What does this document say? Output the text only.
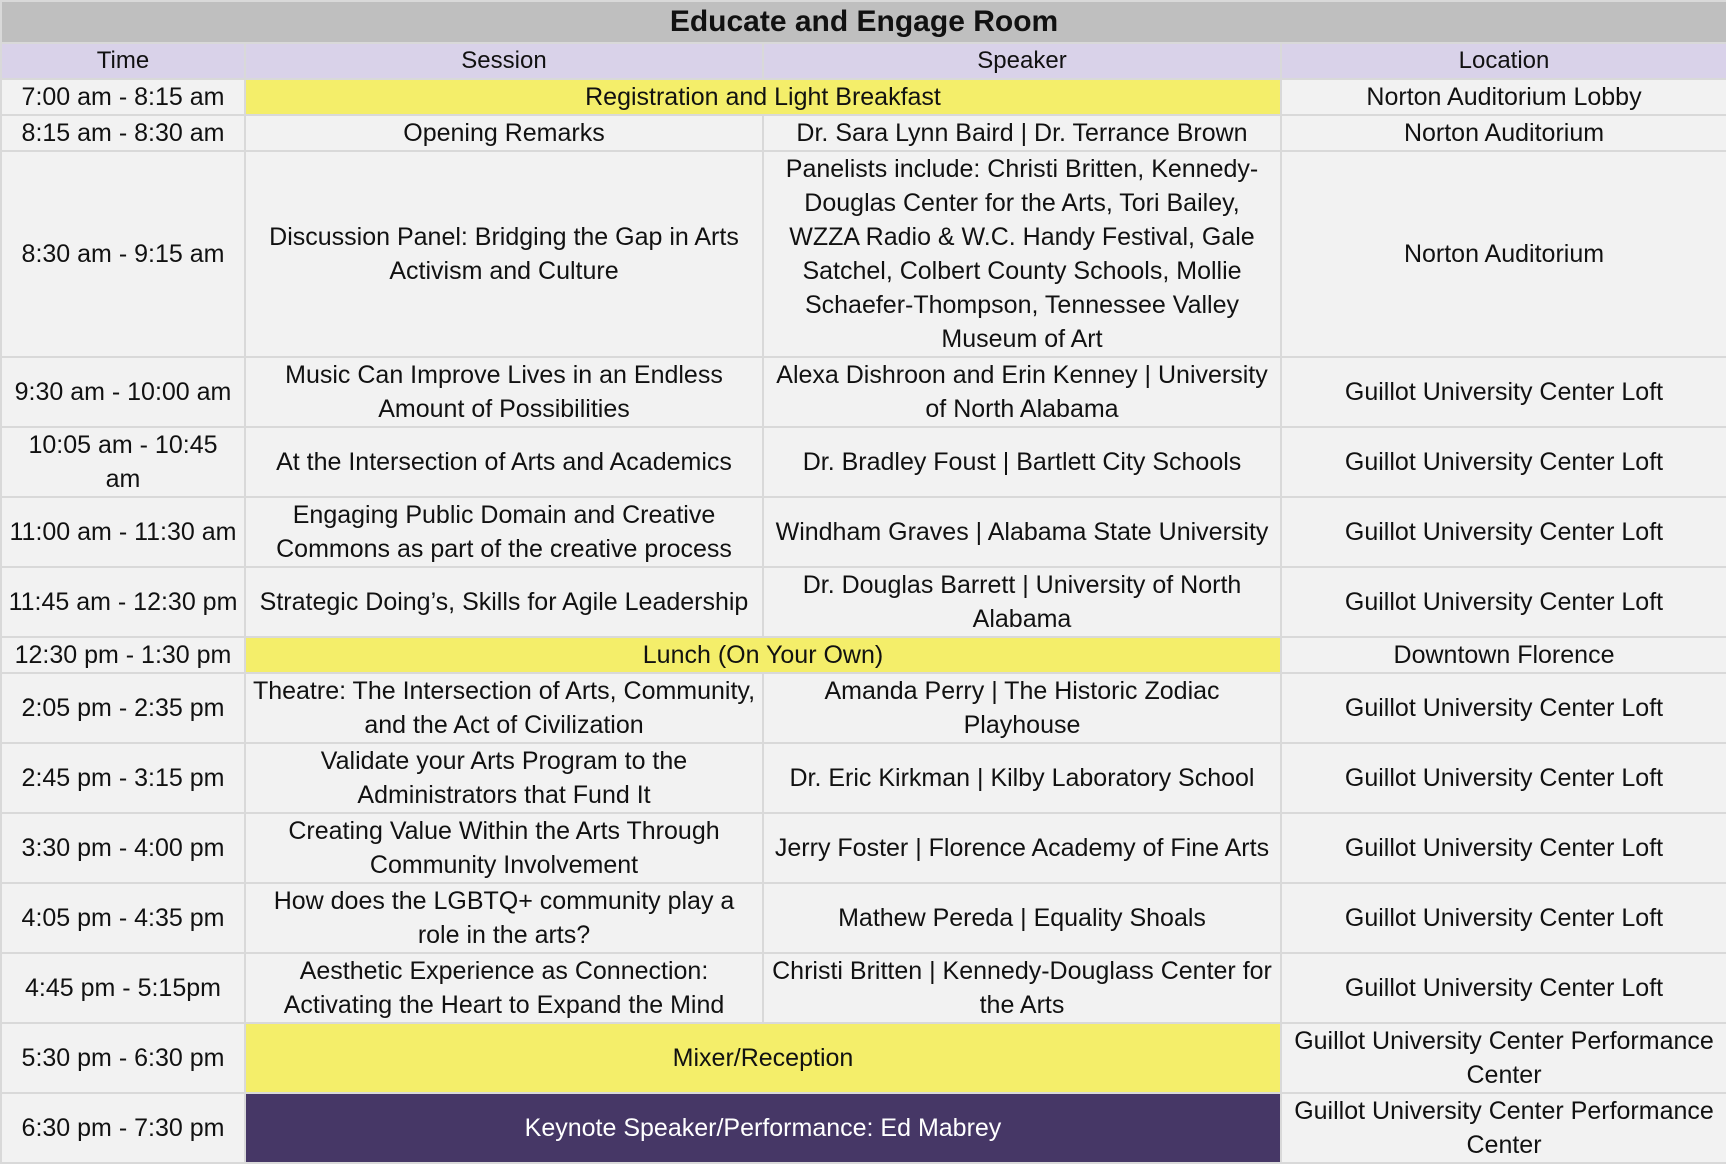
Educate and Engage Room			
Time	Session	Speaker	Location
7:00 am - 8:15 am	Registration and Light Breakfast		Norton Auditorium Lobby
8:15 am - 8:30 am	Opening Remarks	Dr. Sara Lynn Baird | Dr. Terrance Brown	Norton Auditorium
8:30 am - 9:15 am	Discussion Panel: Bridging the Gap in Arts Activism and Culture	Panelists include: Christi Britten, Kennedy-Douglas Center for the Arts, Tori Bailey, WZZA Radio & W.C. Handy Festival, Gale Satchel, Colbert County Schools, Mollie Schaefer-Thompson, Tennessee Valley Museum of Art	Norton Auditorium
9:30 am - 10:00 am	Music Can Improve Lives in an Endless Amount of Possibilities	Alexa Dishroon and Erin Kenney | University of North Alabama	Guillot University Center Loft
10:05 am - 10:45 am	At the Intersection of Arts and Academics	Dr. Bradley Foust | Bartlett City Schools	Guillot University Center Loft
11:00 am - 11:30 am	Engaging Public Domain and Creative Commons as part of the creative process	Windham Graves | Alabama State University	Guillot University Center Loft
11:45 am - 12:30 pm	Strategic Doing’s, Skills for Agile Leadership	Dr. Douglas Barrett | University of North Alabama	Guillot University Center Loft
12:30 pm - 1:30 pm	Lunch (On Your Own)		Downtown Florence
2:05 pm - 2:35 pm	Theatre: The Intersection of Arts, Community, and the Act of Civilization	Amanda Perry | The Historic Zodiac Playhouse	Guillot University Center Loft
2:45 pm - 3:15 pm	Validate your Arts Program to the Administrators that Fund It	Dr. Eric Kirkman | Kilby Laboratory School	Guillot University Center Loft
3:30 pm - 4:00 pm	Creating Value Within the Arts Through Community Involvement	Jerry Foster | Florence Academy of Fine Arts	Guillot University Center Loft
4:05 pm - 4:35 pm	How does the LGBTQ+ community play a role in the arts?	Mathew Pereda | Equality Shoals	Guillot University Center Loft
4:45 pm - 5:15pm	Aesthetic Experience as Connection: Activating the Heart to Expand the Mind	Christi Britten | Kennedy-Douglass Center for the Arts	Guillot University Center Loft
5:30 pm - 6:30 pm	Mixer/Reception		Guillot University Center Performance Center
6:30 pm - 7:30 pm	Keynote Speaker/Performance: Ed Mabrey		Guillot University Center Performance Center
